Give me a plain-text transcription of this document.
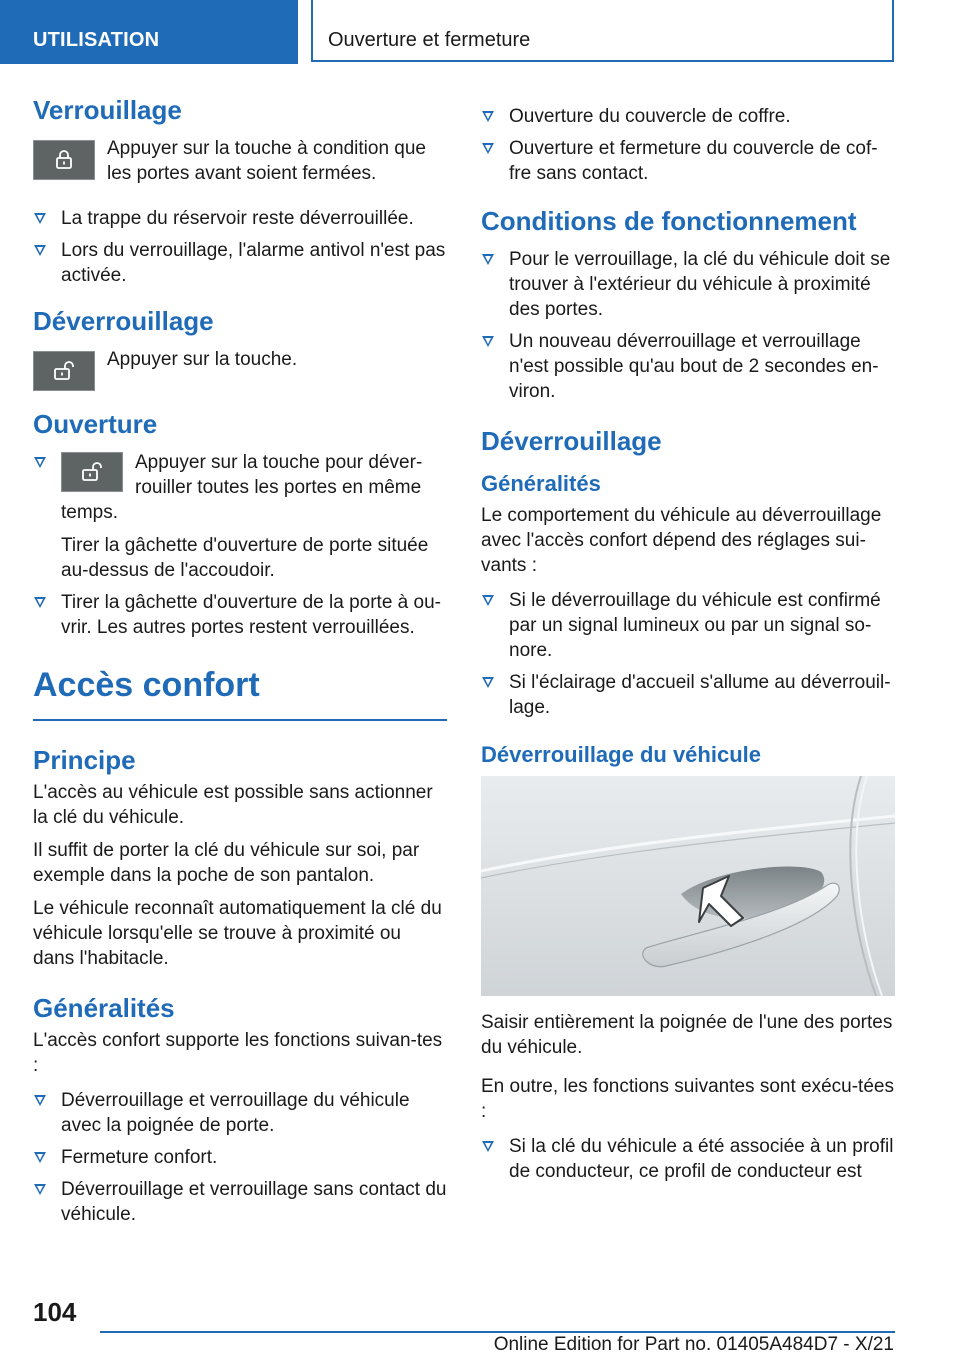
UTILISATION	Ouverture et fermeture
Verrouillage
Appuyer sur la touche à condition que les portes avant soient fermées.
La trappe du réservoir reste déverrouillée.
Lors du verrouillage, l'alarme antivol n'est pas activée.
Déverrouillage
Appuyer sur la touche.
Ouverture
Appuyer sur la touche pour déver-rouiller toutes les portes en même temps.
Tirer la gâchette d'ouverture de porte située au-dessus de l'accoudoir.
Tirer la gâchette d'ouverture de la porte à ou-vrir. Les autres portes restent verrouillées.
Accès confort
Principe
L'accès au véhicule est possible sans actionner la clé du véhicule.
Il suffit de porter la clé du véhicule sur soi, par exemple dans la poche de son pantalon.
Le véhicule reconnaît automatiquement la clé du véhicule lorsqu'elle se trouve à proximité ou dans l'habitacle.
Généralités
L'accès confort supporte les fonctions suivan-tes :
Déverrouillage et verrouillage du véhicule avec la poignée de porte.
Fermeture confort.
Déverrouillage et verrouillage sans contact du véhicule.
Ouverture du couvercle de coffre.
Ouverture et fermeture du couvercle de cof-fre sans contact.
Conditions de fonctionnement
Pour le verrouillage, la clé du véhicule doit se trouver à l'extérieur du véhicule à proximité des portes.
Un nouveau déverrouillage et verrouillage n'est possible qu'au bout de 2 secondes en-viron.
Déverrouillage
Généralités
Le comportement du véhicule au déverrouillage avec l'accès confort dépend des réglages sui-vants :
Si le déverrouillage du véhicule est confirmé par un signal lumineux ou par un signal so-nore.
Si l'éclairage d'accueil s'allume au déverrouil-lage.
Déverrouillage du véhicule
Saisir entièrement la poignée de l'une des portes du véhicule.
En outre, les fonctions suivantes sont exécu-tées :
Si la clé du véhicule a été associée à un profil de conducteur, ce profil de conducteur est
104
Online Edition for Part no. 01405A484D7 - X/21
